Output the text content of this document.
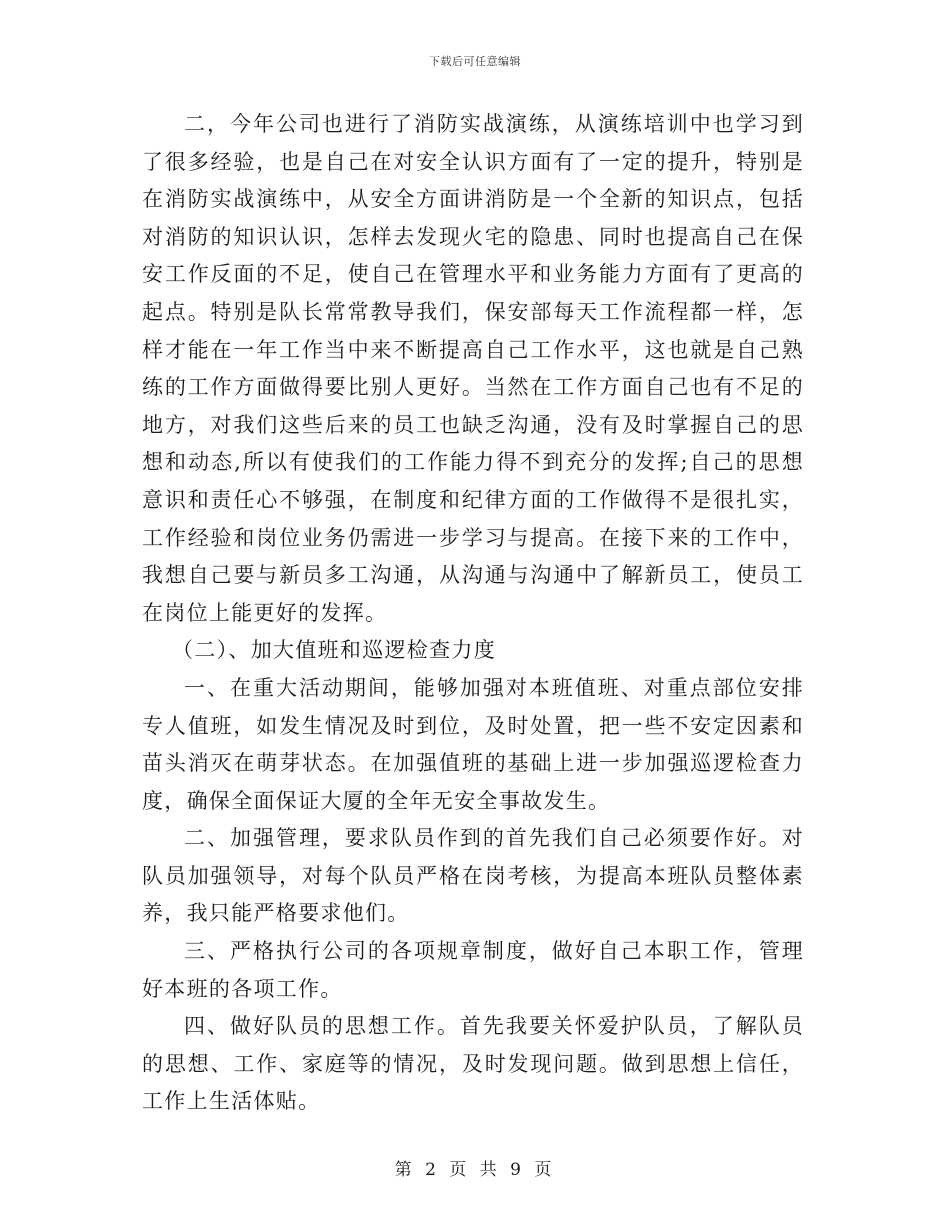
下载后可任意编辑

二，今年公司也进行了消防实战演练，从演练培训中也学习到了很多经验，也是自己在对安全认识方面有了一定的提升，特别是在消防实战演练中，从安全方面讲消防是一个全新的知识点，包括对消防的知识认识，怎样去发现火宅的隐患、同时也提高自己在保安工作反面的不足，使自己在管理水平和业务能力方面有了更高的起点。特别是队长常常教导我们，保安部每天工作流程都一样，怎样才能在一年工作当中来不断提高自己工作水平，这也就是自己熟练的工作方面做得要比别人更好。当然在工作方面自己也有不足的地方，对我们这些后来的员工也缺乏沟通，没有及时掌握自己的思想和动态,所以有使我们的工作能力得不到充分的发挥;自己的思想意识和责任心不够强，在制度和纪律方面的工作做得不是很扎实，工作经验和岗位业务仍需进一步学习与提高。在接下来的工作中，我想自己要与新员多工沟通，从沟通与沟通中了解新员工，使员工在岗位上能更好的发挥。

（二）、加大值班和巡逻检查力度

一、在重大活动期间，能够加强对本班值班、对重点部位安排专人值班，如发生情况及时到位，及时处置，把一些不安定因素和苗头消灭在萌芽状态。在加强值班的基础上进一步加强巡逻检查力度，确保全面保证大厦的全年无安全事故发生。

二、加强管理，要求队员作到的首先我们自己必须要作好。对队员加强领导，对每个队员严格在岗考核，为提高本班队员整体素养，我只能严格要求他们。

三、严格执行公司的各项规章制度，做好自己本职工作，管理好本班的各项工作。

四、做好队员的思想工作。首先我要关怀爱护队员，了解队员的思想、工作、家庭等的情况，及时发现问题。做到思想上信任，工作上生活体贴。

第 2 页 共 9 页
